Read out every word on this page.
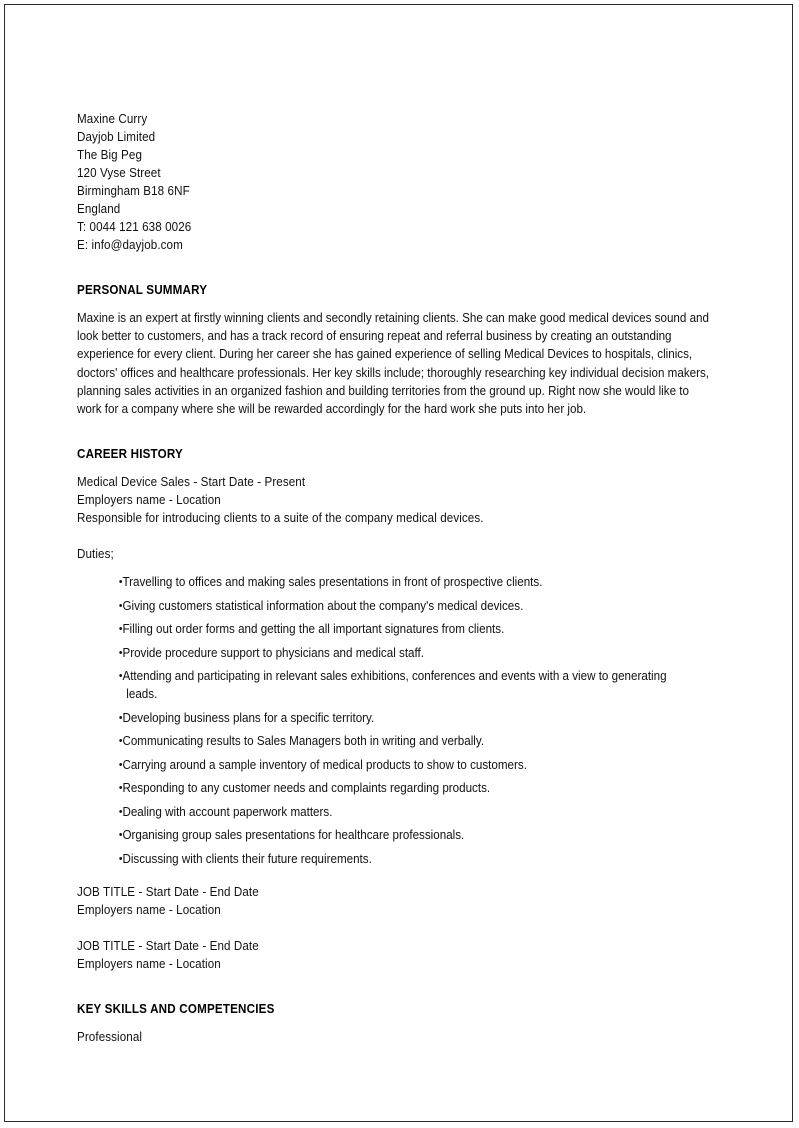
Maxine Curry
Dayjob Limited
The Big Peg
120 Vyse Street
Birmingham B18 6NF
England
T: 0044 121 638 0026
E: info@dayjob.com
PERSONAL SUMMARY
Maxine is an expert at firstly winning clients and secondly retaining clients. She can make good medical devices sound and look better to customers, and has a track record of ensuring repeat and referral business by creating an outstanding experience for every client. During her career she has gained experience of selling Medical Devices to hospitals, clinics, doctors' offices and healthcare professionals. Her key skills include; thoroughly researching key individual decision makers, planning sales activities in an organized fashion and building territories from the ground up. Right now she would like to work for a company where she will be rewarded accordingly for the hard work she puts into her job.
CAREER HISTORY
Medical Device Sales - Start Date - Present
Employers name - Location
Responsible for introducing clients to a suite of the company medical devices.
Duties;
•Travelling to offices and making sales presentations in front of prospective clients.
•Giving customers statistical information about the company's medical devices.
•Filling out order forms and getting the all important signatures from clients.
•Provide procedure support to physicians and medical staff.
•Attending and participating in relevant sales exhibitions, conferences and events with a view to generating leads.
•Developing business plans for a specific territory.
•Communicating results to Sales Managers both in writing and verbally.
•Carrying around a sample inventory of medical products to show to customers.
•Responding to any customer needs and complaints regarding products.
•Dealing with account paperwork matters.
•Organising group sales presentations for healthcare professionals.
•Discussing with clients their future requirements.
JOB TITLE - Start Date - End Date
Employers name - Location
JOB TITLE - Start Date - End Date
Employers name - Location
KEY SKILLS AND COMPETENCIES
Professional
